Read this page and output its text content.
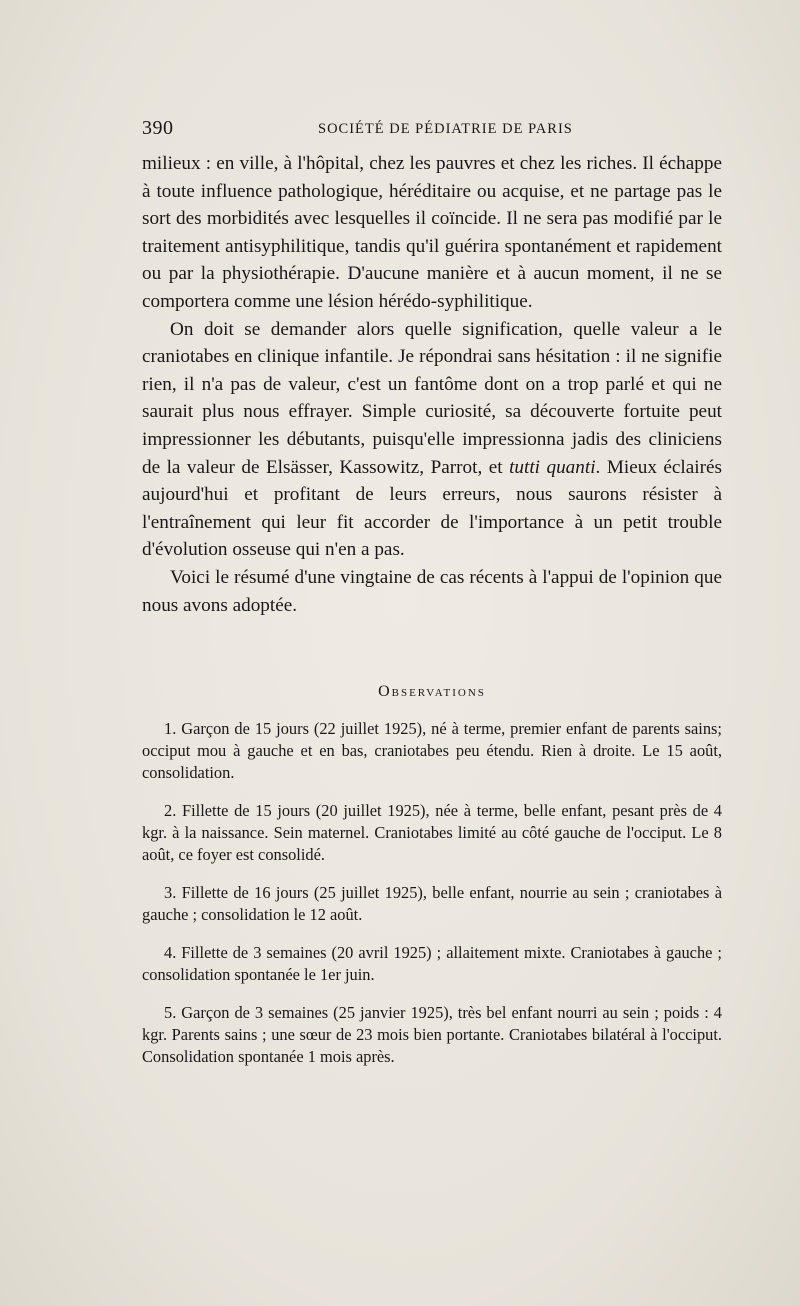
390	SOCIÉTÉ DE PÉDIATRIE DE PARIS

milieux : en ville, à l'hôpital, chez les pauvres et chez les riches. Il échappe à toute influence pathologique, héréditaire ou acquise, et ne partage pas le sort des morbidités avec lesquelles il coïncide. Il ne sera pas modifié par le traitement antisyphilitique, tandis qu'il guérira spontanément et rapidement ou par la physiothérapie. D'aucune manière et à aucun moment, il ne se comportera comme une lésion hérédo-syphilitique.

On doit se demander alors quelle signification, quelle valeur a le craniotabes en clinique infantile. Je répondrai sans hésitation : il ne signifie rien, il n'a pas de valeur, c'est un fantôme dont on a trop parlé et qui ne saurait plus nous effrayer. Simple curiosité, sa découverte fortuite peut impressionner les débutants, puisqu'elle impressionna jadis des cliniciens de la valeur de Elsässer, Kassowitz, Parrot, et tutti quanti. Mieux éclairés aujourd'hui et profitant de leurs erreurs, nous saurons résister à l'entraînement qui leur fit accorder de l'importance à un petit trouble d'évolution osseuse qui n'en a pas.

Voici le résumé d'une vingtaine de cas récents à l'appui de l'opinion que nous avons adoptée.

Observations

1. Garçon de 15 jours (22 juillet 1925), né à terme, premier enfant de parents sains; occiput mou à gauche et en bas, craniotabes peu étendu. Rien à droite. Le 15 août, consolidation.

2. Fillette de 15 jours (20 juillet 1925), née à terme, belle enfant, pesant près de 4 kgr. à la naissance. Sein maternel. Craniotabes limité au côté gauche de l'occiput. Le 8 août, ce foyer est consolidé.

3. Fillette de 16 jours (25 juillet 1925), belle enfant, nourrie au sein ; craniotabes à gauche ; consolidation le 12 août.

4. Fillette de 3 semaines (20 avril 1925) ; allaitement mixte. Craniotabes à gauche ; consolidation spontanée le 1er juin.

5. Garçon de 3 semaines (25 janvier 1925), très bel enfant nourri au sein ; poids : 4 kgr. Parents sains ; une sœur de 23 mois bien portante. Craniotabes bilatéral à l'occiput. Consolidation spontanée 1 mois après.
